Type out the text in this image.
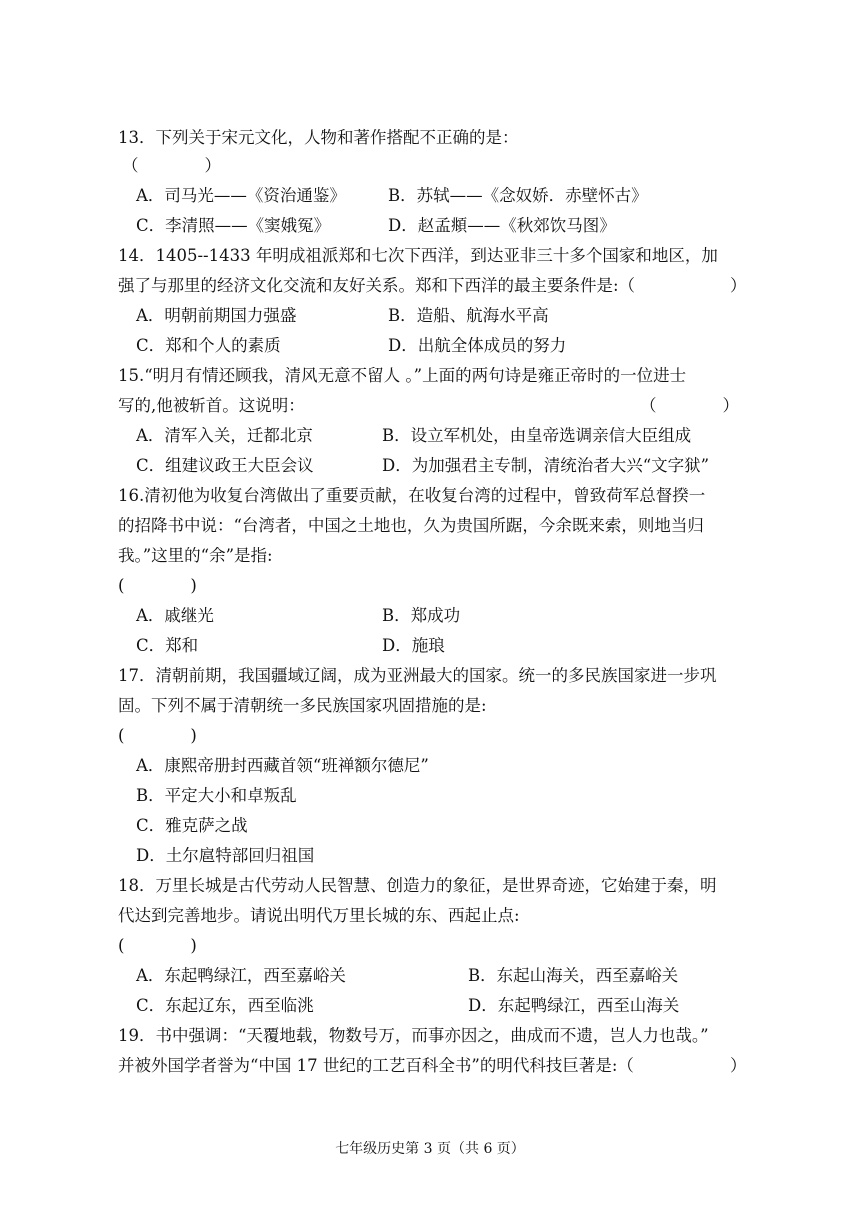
13．下列关于宋元文化，人物和著作搭配不正确的是：
（　　　　）
A．司马光——《资治通鉴》	B．苏轼——《念奴娇．赤壁怀古》
C．李清照——《窦娥冤》	D．赵孟頫——《秋郊饮马图》
14．1405--1433 年明成祖派郑和七次下西洋，到达亚非三十多个国家和地区，加
强了与那里的经济文化交流和友好关系。郑和下西洋的最主要条件是:（	）
A．明朝前期国力强盛	B．造船、航海水平高
C．郑和个人的素质	D．出航全体成员的努力
15.“明月有情还顾我，清风无意不留人 。”上面的两句诗是雍正帝时的一位进士
写的,他被斩首。这说明：	（　　　　）
A．清军入关，迁都北京	B．设立军机处，由皇帝选调亲信大臣组成
C．组建议政王大臣会议	D．为加强君主专制，清统治者大兴“文字狱”
16.清初他为收复台湾做出了重要贡献，在收复台湾的过程中，曾致荷军总督揆一
的招降书中说：“台湾者，中国之土地也，久为贵国所踞，今余既来索，则地当归
我。”这里的“余”是指:
(　　　　)
A．戚继光	B．郑成功
C．郑和	D．施琅
17．清朝前期，我国疆域辽阔，成为亚洲最大的国家。统一的多民族国家进一步巩
固。下列不属于清朝统一多民族国家巩固措施的是:
(　　　　)
A．康熙帝册封西藏首领“班禅额尔德尼”
B．平定大小和卓叛乱
C．雅克萨之战
D．土尔扈特部回归祖国
18．万里长城是古代劳动人民智慧、创造力的象征，是世界奇迹，它始建于秦，明
代达到完善地步。请说出明代万里长城的东、西起止点:
(　　　　)
A．东起鸭绿江，西至嘉峪关	B．东起山海关，西至嘉峪关
C．东起辽东，西至临洮	D．东起鸭绿江，西至山海关
19．书中强调：“天覆地载，物数号万，而事亦因之，曲成而不遗，岂人力也哉。”
并被外国学者誉为“中国 17 世纪的工艺百科全书”的明代科技巨著是:（	）
七年级历史第 3 页（共 6 页）
